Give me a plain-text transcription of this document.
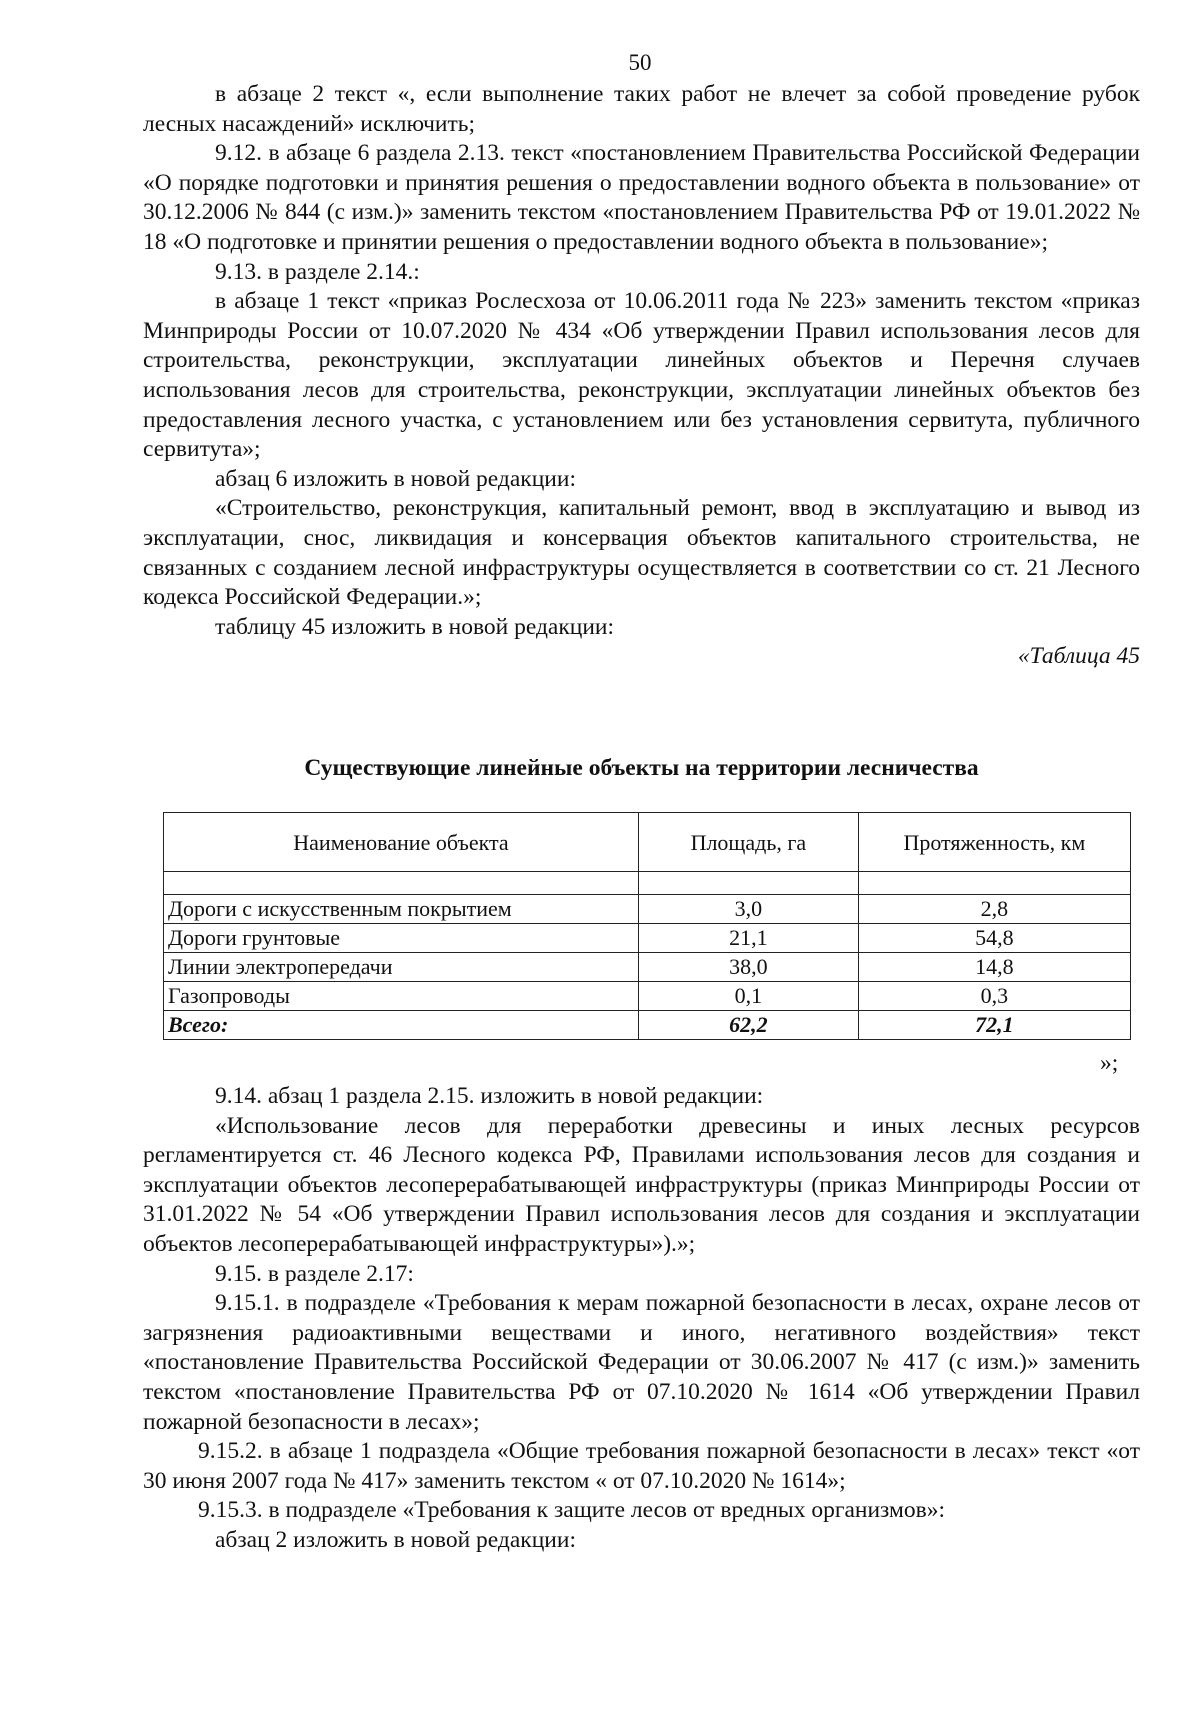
50

в абзаце 2 текст «, если выполнение таких работ не влечет за собой проведение рубок лесных насаждений» исключить;

9.12. в абзаце 6 раздела 2.13. текст «постановлением Правительства Российской Федерации «О порядке подготовки и принятия решения о предоставлении водного объекта в пользование» от 30.12.2006 № 844 (с изм.)» заменить текстом «постановлением Правительства РФ от 19.01.2022 № 18 «О подготовке и принятии решения о предоставлении водного объекта в пользование»;

9.13. в разделе 2.14.:

в абзаце 1 текст «приказ Рослесхоза от 10.06.2011 года № 223» заменить текстом «приказ Минприроды России от 10.07.2020 № 434 «Об утверждении Правил использования лесов для строительства, реконструкции, эксплуатации линейных объектов и Перечня случаев использования лесов для строительства, реконструкции, эксплуатации линейных объектов без предоставления лесного участка, с установлением или без установления сервитута, публичного сервитута»;

абзац 6 изложить в новой редакции:

«Строительство, реконструкция, капитальный ремонт, ввод в эксплуатацию и вывод из эксплуатации, снос, ликвидация и консервация объектов капитального строительства, не связанных с созданием лесной инфраструктуры осуществляется в соответствии со ст. 21 Лесного кодекса Российской Федерации.»;

таблицу 45 изложить в новой редакции:

«Таблица 45

Существующие линейные объекты на территории лесничества
Наименование объекта	Площадь, га	Протяженность, км

Дороги с искусственным покрытием	3,0	2,8
Дороги грунтовые	21,1	54,8
Линии электропередачи	38,0	14,8
Газопроводы	0,1	0,3
Всего:	62,2	72,1
»;

9.14. абзац 1 раздела 2.15. изложить в новой редакции:

«Использование лесов для переработки древесины и иных лесных ресурсов регламентируется ст. 46 Лесного кодекса РФ, Правилами использования лесов для создания и эксплуатации объектов лесоперерабатывающей инфраструктуры (приказ Минприроды России от 31.01.2022 № 54 «Об утверждении Правил использования лесов для создания и эксплуатации объектов лесоперерабатывающей инфраструктуры»).»;

9.15. в разделе 2.17:

9.15.1. в подразделе «Требования к мерам пожарной безопасности в лесах, охране лесов от загрязнения радиоактивными веществами и иного, негативного воздействия» текст «постановление Правительства Российской Федерации от 30.06.2007 № 417 (с изм.)» заменить текстом «постановление Правительства РФ от 07.10.2020 № 1614 «Об утверждении Правил пожарной безопасности в лесах»;

9.15.2. в абзаце 1 подраздела «Общие требования пожарной безопасности в лесах» текст «от 30 июня 2007 года № 417» заменить текстом « от 07.10.2020 № 1614»;

9.15.3. в подразделе «Требования к защите лесов от вредных организмов»:

абзац 2 изложить в новой редакции:
